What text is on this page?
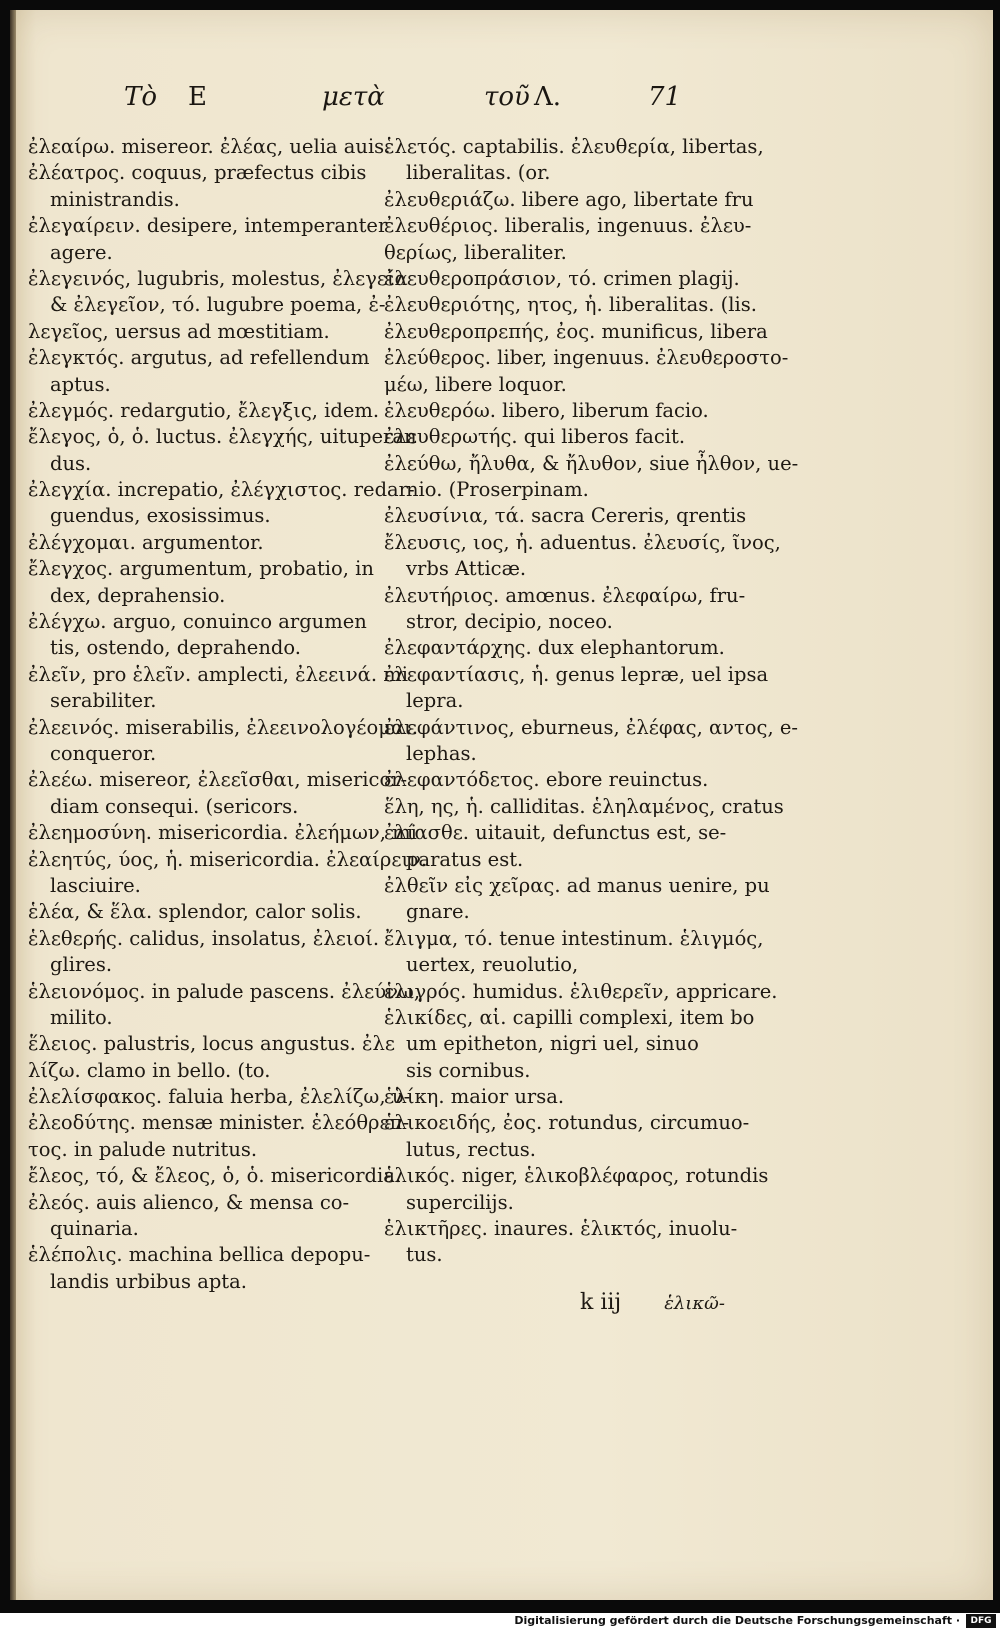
Τὸ Ε	μετὰ	τοῦ Λ.	71
ἐλεαίρω. misereor. ἐλέας, uelia auis.
ἐλέατρος. coquus, præfectus cibis
ministrandis.
ἐλεγαίρειν. desipere, intemperanter
agere.
ἐλεγεινός, lugubris, molestus, ἐλεγεία
& ἐλεγεῖον, τό. lugubre poema, ἐ-
λεγεῖος, uersus ad mœstitiam.
ἐλεγκτός. argutus, ad refellendum
aptus.
ἐλεγμός. redargutio, ἔλεγξις, idem.
ἔλεγος, ὁ, ὁ. luctus. ἐλεγχής, uituperan
dus.
ἐλεγχία. increpatio, ἐλέγχιστος. redar-
guendus, exosissimus.
ἐλέγχομαι. argumentor.
ἔλεγχος. argumentum, probatio, in
dex, deprahensio.
ἐλέγχω. arguo, conuinco argumen
tis, ostendo, deprahendo.
ἐλεῖν, pro ἑλεῖν. amplecti, ἐλεεινά. mi
serabiliter.
ἐλεεινός. miserabilis, ἐλεεινολογέομαι.
conqueror.
ἐλεέω. misereor, ἐλεεῖσθαι, misericor-
diam consequi. (sericors.
ἐλεημοσύνη. misericordia. ἐλεήμων, mi
ἐλεητύς, ύος, ἡ. misericordia. ἐλεαίρειν.
lasciuire.
ἑλέα, & ἕλα. splendor, calor solis.
ἑλεθερής. calidus, insolatus, ἐλειοί.
glires.
ἑλειονόμος. in palude pascens. ἐλεύνω,
milito.
ἕλειος. palustris, locus angustus. ἐλε
λίζω. clamo in bello. (to.
ἐλελίσφακος. faluia herba, ἐλελίζω, ὑ-
ἐλεοδύτης. mensæ minister. ἑλεόθρεπ-
τος. in palude nutritus.
ἔλεος, τό, & ἔλεος, ὁ, ὁ. misericordia.
ἐλεός. auis alienco, & mensa co-
quinaria.
ἑλέπολις. machina bellica depopu-
landis urbibus apta.
ἑλετός. captabilis. ἐλευθερία, libertas,
liberalitas. (or.
ἐλευθεριάζω. libere ago, libertate fru
ἐλευθέριος. liberalis, ingenuus. ἐλευ-
θερίως, liberaliter.
ἐλευθεροπράσιον, τό. crimen plagij.
ἐλευθεριότης, ητος, ἡ. liberalitas. (lis.
ἐλευθεροπρεπής, ἐος. munificus, libera
ἐλεύθερος. liber, ingenuus. ἐλευθεροστο-
μέω, libere loquor.
ἐλευθερόω. libero, liberum facio.
ἐλευθερωτής. qui liberos facit.
ἐλεύθω, ἤλυθα, & ἤλυθον, siue ἦλθον, ue-
nio. (Proserpinam.
ἐλευσίνια, τά. sacra Cereris, qrentis
ἔλευσις, ιος, ἡ. aduentus. ἐλευσίς, ῖνος,
vrbs Atticæ.
ἐλευτήριος. amœnus. ἐλεφαίρω, fru-
stror, decipio, noceo.
ἐλεφαντάρχης. dux elephantorum.
ἐλεφαντίασις, ἡ. genus lepræ, uel ipsa
lepra.
ἐλεφάντινος, eburneus, ἐλέφας, αντος, e-
lephas.
ἐλεφαντόδετος. ebore reuinctus.
ἕλη, ης, ἡ. calliditas. ἑληλαμένος, cratus
ἐλίασθε. uitauit, defunctus est, se-
paratus est.
ἐλθεῖν εἰς χεῖρας. ad manus uenire, pu
gnare.
ἔλιγμα, τό. tenue intestinum. ἑλιγμός,
uertex, reuolutio,
ἑλιγρός. humidus. ἑλιθερεῖν, appricare.
ἑλικίδες, αἱ. capilli complexi, item bo
um epitheton, nigri uel, sinuo
sis cornibus.
ἑλίκη. maior ursa.
ἑλικοειδής, ἐος. rotundus, circumuo-
lutus, rectus.
ἑλικός. niger, ἑλικοβλέφαρος, rotundis
supercilijs.
ἑλικτῆρες. inaures. ἑλικτός, inuolu-
tus.
k iij ἑλικῶ-
Digitalisierung gefördert durch die Deutsche Forschungsgemeinschaft ·	DFG
